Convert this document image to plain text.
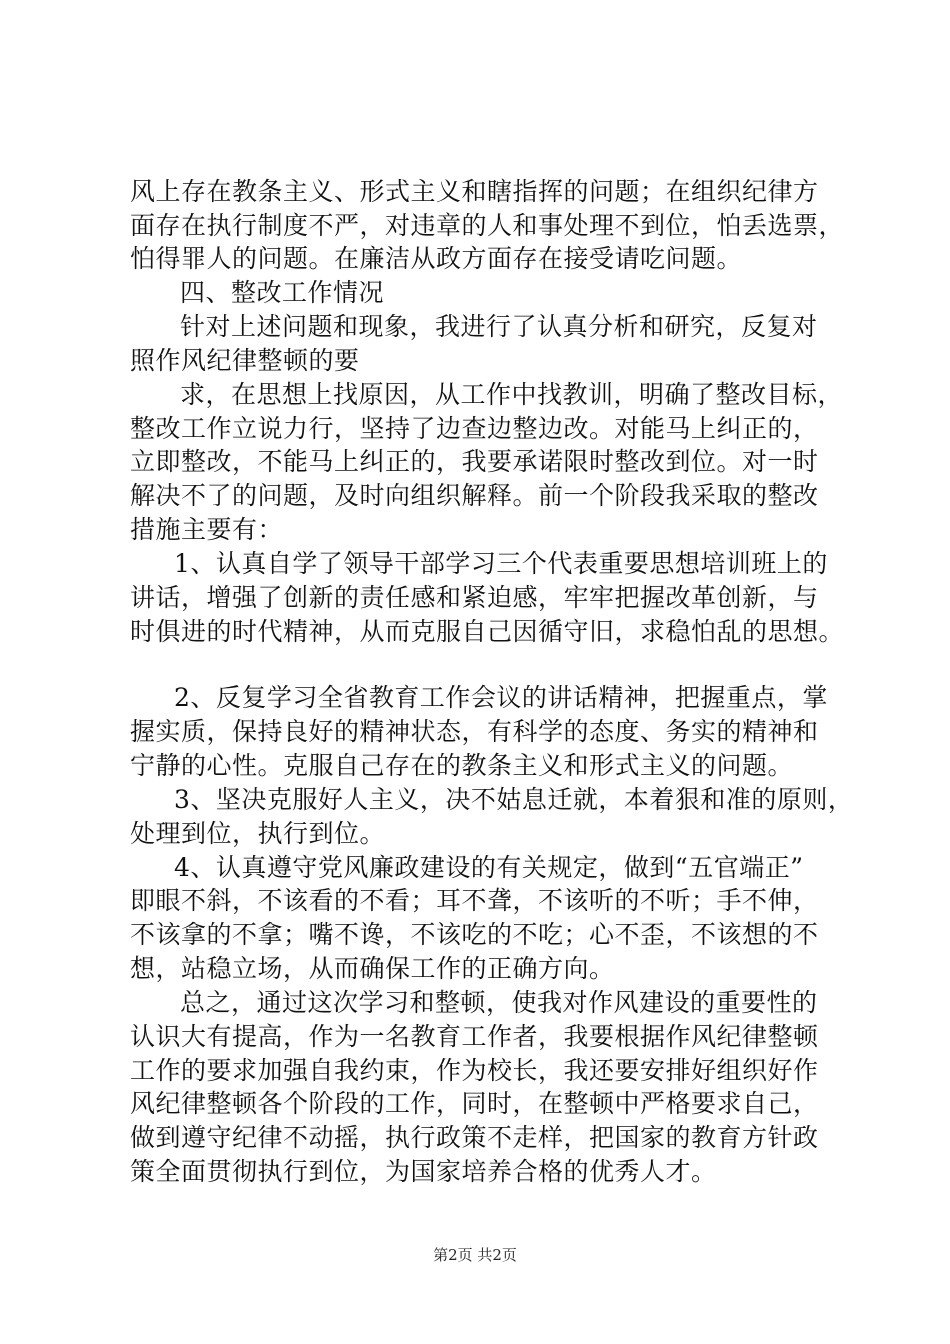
风上存在教条主义、形式主义和瞎指挥的问题；在组织纪律方
面存在执行制度不严，对违章的人和事处理不到位，怕丢选票，
怕得罪人的问题。在廉洁从政方面存在接受请吃问题。
四、整改工作情况
针对上述问题和现象，我进行了认真分析和研究，反复对
照作风纪律整顿的要
求，在思想上找原因，从工作中找教训，明确了整改目标，
整改工作立说力行，坚持了边查边整边改。对能马上纠正的，
立即整改，不能马上纠正的，我要承诺限时整改到位。对一时
解决不了的问题，及时向组织解释。前一个阶段我采取的整改
措施主要有：
1、认真自学了领导干部学习三个代表重要思想培训班上的
讲话，增强了创新的责任感和紧迫感，牢牢把握改革创新，与
时俱进的时代精神，从而克服自己因循守旧，求稳怕乱的思想。
2、反复学习全省教育工作会议的讲话精神，把握重点，掌
握实质，保持良好的精神状态，有科学的态度、务实的精神和
宁静的心性。克服自己存在的教条主义和形式主义的问题。
3、坚决克服好人主义，决不姑息迁就，本着狠和准的原则，
处理到位，执行到位。
4、认真遵守党风廉政建设的有关规定，做到“五官端正”
即眼不斜，不该看的不看；耳不聋，不该听的不听；手不伸，
不该拿的不拿；嘴不谗，不该吃的不吃；心不歪，不该想的不
想，站稳立场，从而确保工作的正确方向。
总之，通过这次学习和整顿，使我对作风建设的重要性的
认识大有提高，作为一名教育工作者，我要根据作风纪律整顿
工作的要求加强自我约束，作为校长，我还要安排好组织好作
风纪律整顿各个阶段的工作，同时，在整顿中严格要求自己，
做到遵守纪律不动摇，执行政策不走样，把国家的教育方针政
策全面贯彻执行到位，为国家培养合格的优秀人才。
第2页 共2页
